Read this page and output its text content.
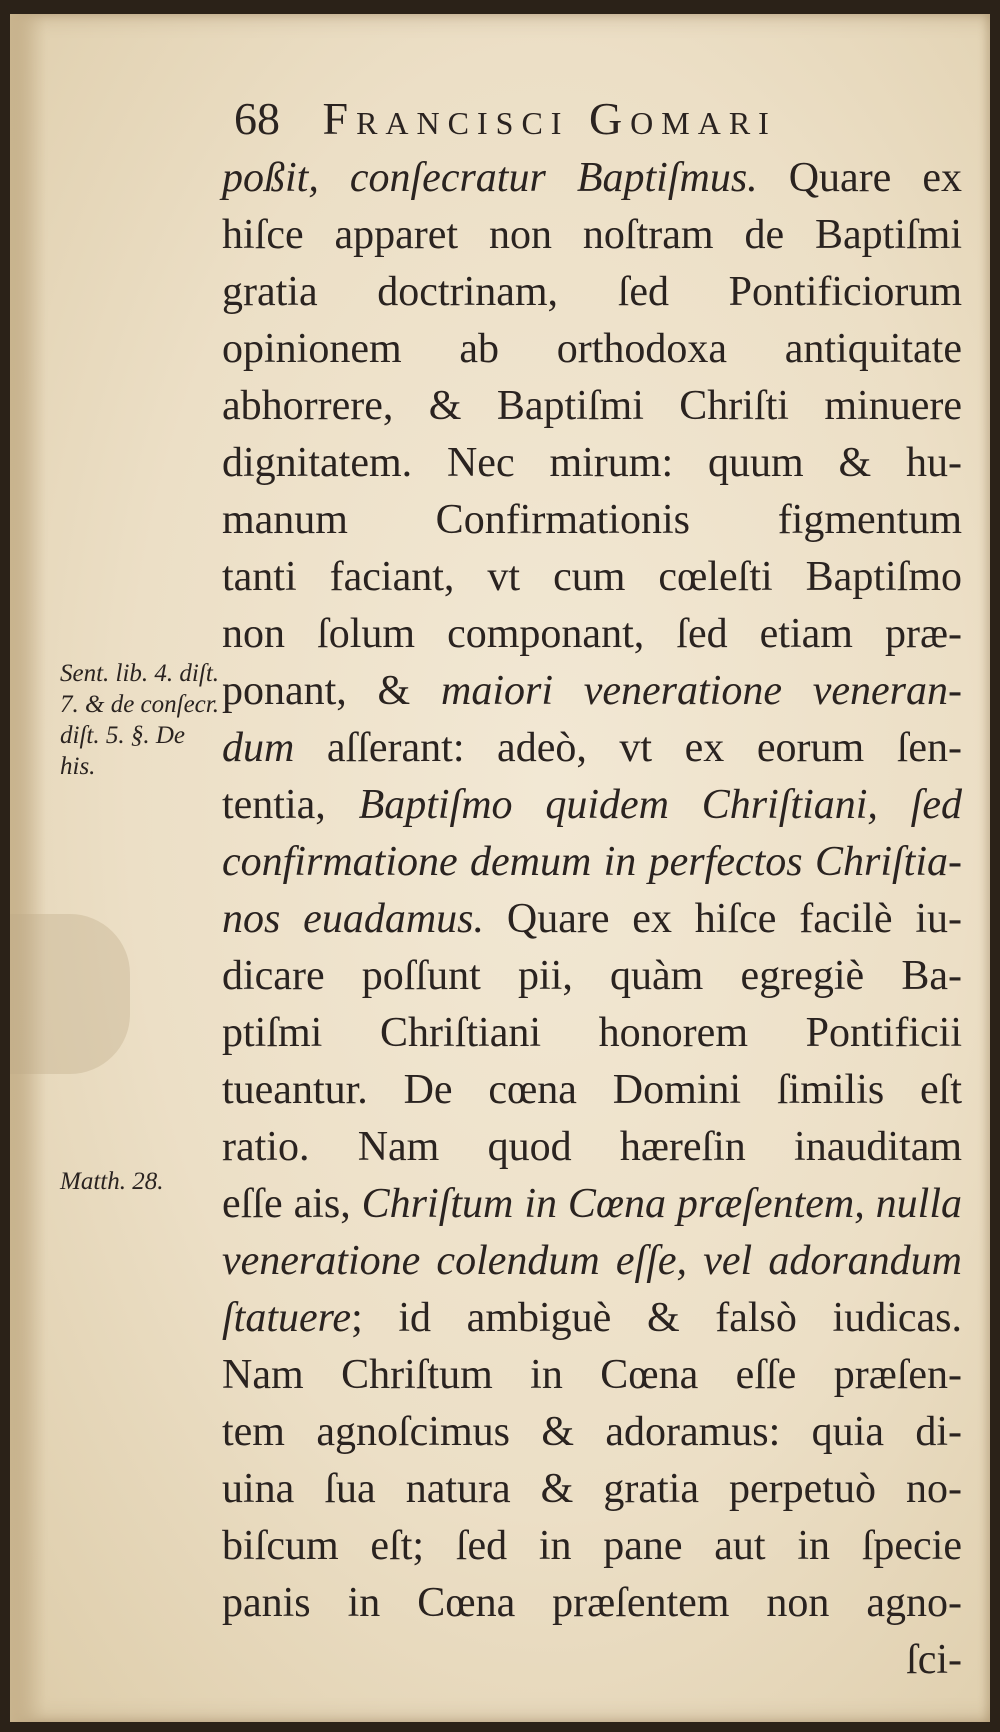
68 Francisci Gomari
poßit, conſecratur Baptiſmus. Quare ex
hiſce apparet non noſtram de Baptiſmi
gratia doctrinam, ſed Pontificiorum
opinionem ab orthodoxa antiquitate
abhorrere, & Baptiſmi Chriſti minuere
dignitatem. Nec mirum: quum & hu-
manum Confirmationis figmentum
tanti faciant, vt cum cœleſti Baptiſmo
non ſolum componant, ſed etiam præ-
ponant, & maiori veneratione veneran-
dum aſſerant: adeò, vt ex eorum ſen-
tentia, Baptiſmo quidem Chriſtiani, ſed
confirmatione demum in perfectos Chriſtia-
nos euadamus. Quare ex hiſce facilè iu-
dicare poſſunt pii, quàm egregiè Ba-
ptiſmi Chriſtiani honorem Pontificii
tueantur. De cœna Domini ſimilis eſt
ratio. Nam quod hæreſin inauditam
eſſe ais, Chriſtum in Cœna præſentem, nulla
veneratione colendum eſſe, vel adorandum
ſtatuere; id ambiguè & falsò iudicas.
Nam Chriſtum in Cœna eſſe præſen-
tem agnoſcimus & adoramus: quia di-
uina ſua natura & gratia perpetuò no-
biſcum eſt; ſed in pane aut in ſpecie
panis in Cœna præſentem non agno-
ſci-
Sent. lib. 4. diſt. 7. & de conſecr. diſt. 5. §. De his.
Matth. 28.
